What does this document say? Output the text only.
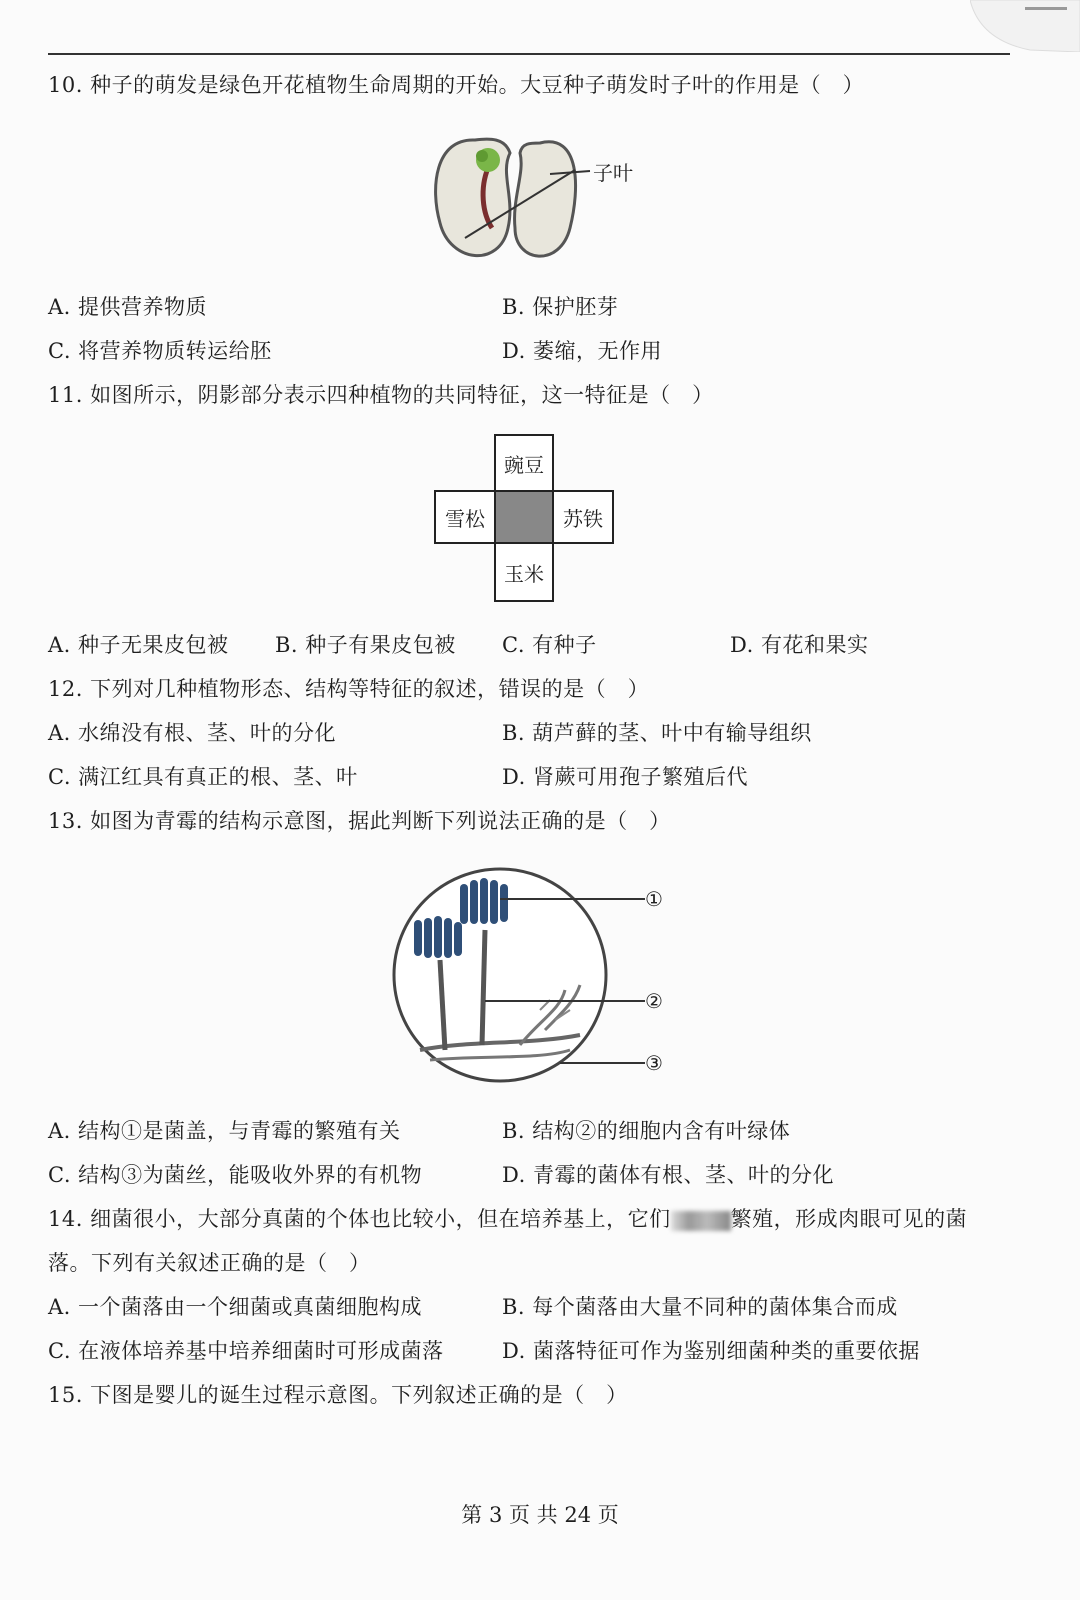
10. 种子的萌发是绿色开花植物生命周期的开始。大豆种子萌发时子叶的作用是（　）
子叶
A. 提供营养物质	B. 保护胚芽
C. 将营养物质转运给胚	D. 萎缩，无作用
11. 如图所示，阴影部分表示四种植物的共同特征，这一特征是（　）
豌豆
雪松	苏铁
玉米
A. 种子无果皮包被 B. 种子有果皮包被 C. 有种子	D. 有花和果实
12. 下列对几种植物形态、结构等特征的叙述，错误的是（　）
A. 水绵没有根、茎、叶的分化	B. 葫芦藓的茎、叶中有输导组织
C. 满江红具有真正的根、茎、叶	D. 肾蕨可用孢子繁殖后代
13. 如图为青霉的结构示意图，据此判断下列说法正确的是（　）
①
②
③
A. 结构①是菌盖，与青霉的繁殖有关	B. 结构②的细胞内含有叶绿体
C. 结构③为菌丝，能吸收外界的有机物	D. 青霉的菌体有根、茎、叶的分化
14. 细菌很小，大部分真菌的个体也比较小，但在培养基上，它们	繁殖，形成肉眼可见的菌
落。下列有关叙述正确的是（　）
A. 一个菌落由一个细菌或真菌细胞构成	B. 每个菌落由大量不同种的菌体集合而成
C. 在液体培养基中培养细菌时可形成菌落	D. 菌落特征可作为鉴别细菌种类的重要依据
15. 下图是婴儿的诞生过程示意图。下列叙述正确的是（　）
第 3 页 共 24 页
